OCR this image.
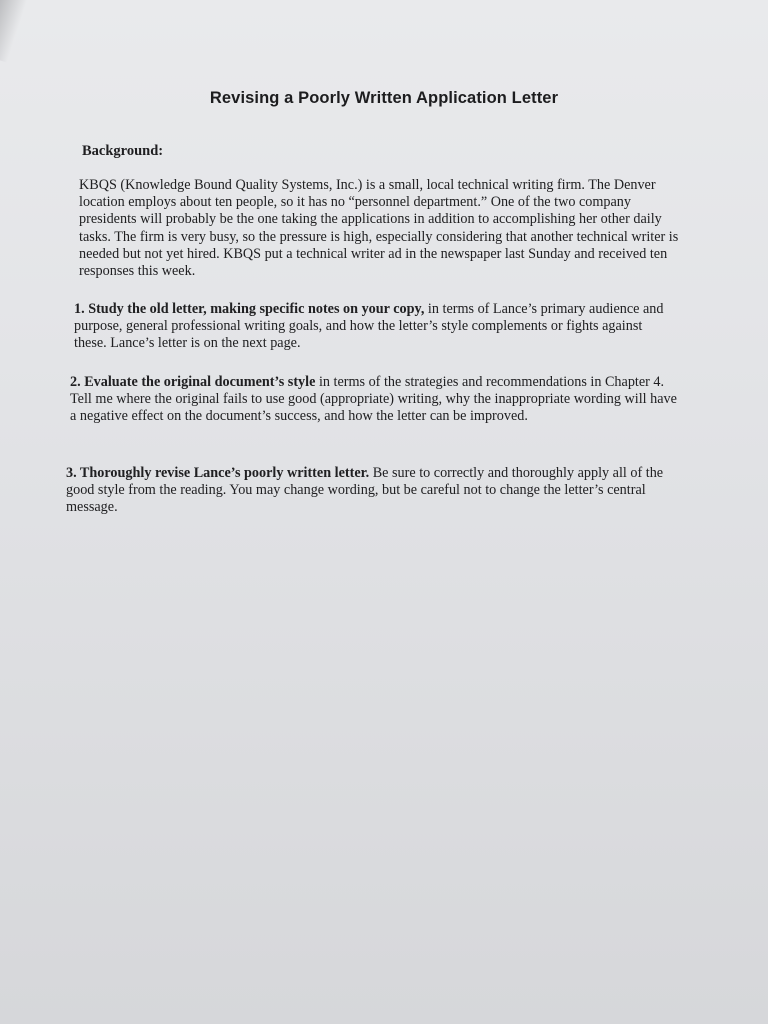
Revising a Poorly Written Application Letter
Background:

KBQS (Knowledge Bound Quality Systems, Inc.) is a small, local technical writing firm. The Denver location employs about ten people, so it has no “personnel department.” One of the two company presidents will probably be the one taking the applications in addition to accomplishing her other daily tasks. The firm is very busy, so the pressure is high, especially considering that another technical writer is needed but not yet hired. KBQS put a technical writer ad in the newspaper last Sunday and received ten responses this week.

1. Study the old letter, making specific notes on your copy, in terms of Lance’s primary audience and purpose, general professional writing goals, and how the letter’s style complements or fights against these. Lance’s letter is on the next page.

2. Evaluate the original document’s style in terms of the strategies and recommendations in Chapter 4. Tell me where the original fails to use good (appropriate) writing, why the inappropriate wording will have a negative effect on the document’s success, and how the letter can be improved.

3. Thoroughly revise Lance’s poorly written letter. Be sure to correctly and thoroughly apply all of the good style from the reading. You may change wording, but be careful not to change the letter’s central message.
